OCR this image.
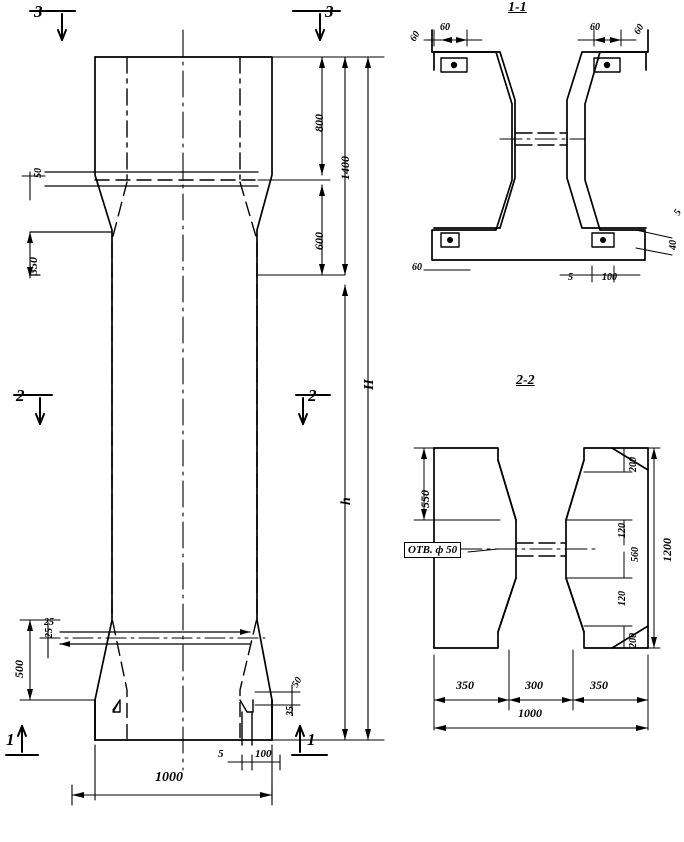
3	3
2	2
1	1
1-1
2-2
800
1400
600
H
h
50
350
25
25
500
1000
5	100
50
35
60
60	60	60
60
5	100
5
40
550
200
120
560
120
200
1200
350	300	350
1000
ОТВ. ф 50
